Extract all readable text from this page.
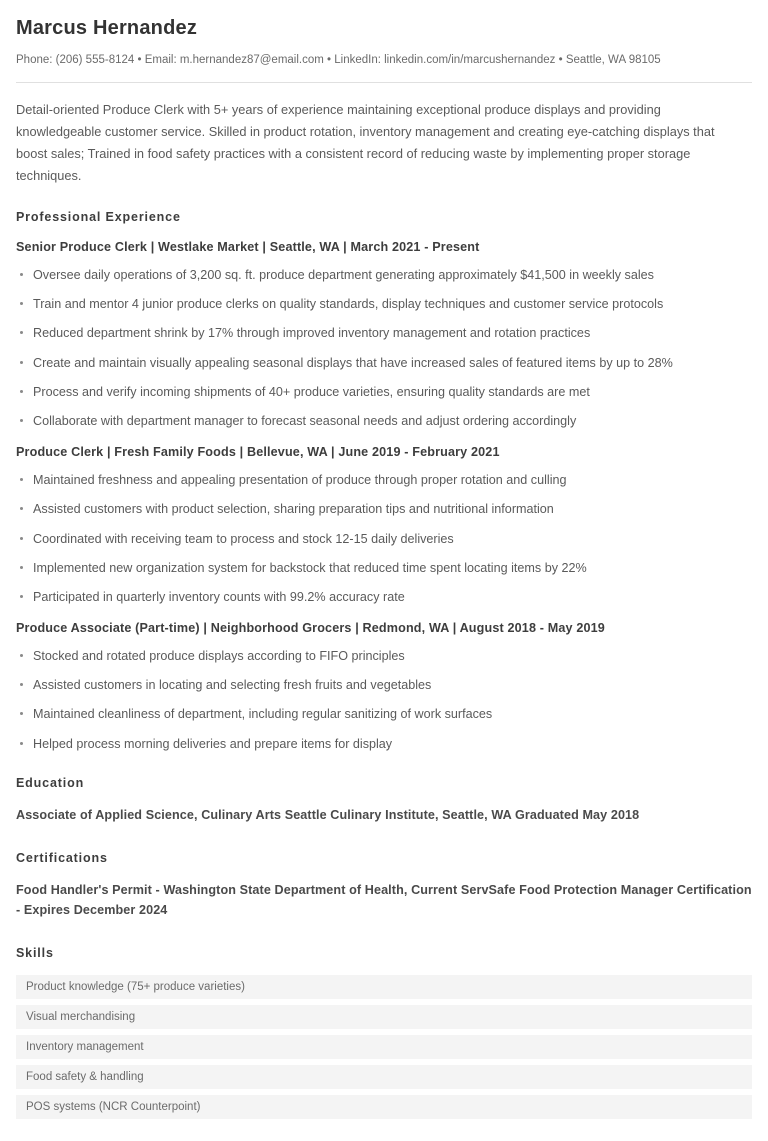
Marcus Hernandez
Phone: (206) 555-8124 • Email: m.hernandez87@email.com • LinkedIn: linkedin.com/in/marcushernandez • Seattle, WA 98105

Detail-oriented Produce Clerk with 5+ years of experience maintaining exceptional produce displays and providing knowledgeable customer service. Skilled in product rotation, inventory management and creating eye-catching displays that boost sales; Trained in food safety practices with a consistent record of reducing waste by implementing proper storage techniques.

Professional Experience
Senior Produce Clerk | Westlake Market | Seattle, WA | March 2021 - Present
Oversee daily operations of 3,200 sq. ft. produce department generating approximately $41,500 in weekly sales
Train and mentor 4 junior produce clerks on quality standards, display techniques and customer service protocols
Reduced department shrink by 17% through improved inventory management and rotation practices
Create and maintain visually appealing seasonal displays that have increased sales of featured items by up to 28%
Process and verify incoming shipments of 40+ produce varieties, ensuring quality standards are met
Collaborate with department manager to forecast seasonal needs and adjust ordering accordingly
Produce Clerk | Fresh Family Foods | Bellevue, WA | June 2019 - February 2021
Maintained freshness and appealing presentation of produce through proper rotation and culling
Assisted customers with product selection, sharing preparation tips and nutritional information
Coordinated with receiving team to process and stock 12-15 daily deliveries
Implemented new organization system for backstock that reduced time spent locating items by 22%
Participated in quarterly inventory counts with 99.2% accuracy rate
Produce Associate (Part-time) | Neighborhood Grocers | Redmond, WA | August 2018 - May 2019
Stocked and rotated produce displays according to FIFO principles
Assisted customers in locating and selecting fresh fruits and vegetables
Maintained cleanliness of department, including regular sanitizing of work surfaces
Helped process morning deliveries and prepare items for display
Education

Associate of Applied Science, Culinary Arts Seattle Culinary Institute, Seattle, WA Graduated May 2018

Certifications

Food Handler's Permit - Washington State Department of Health, Current ServSafe Food Protection Manager Certification - Expires December 2024

Skills
Product knowledge (75+ produce varieties)
Visual merchandising
Inventory management
Food safety & handling
POS systems (NCR Counterpoint)
